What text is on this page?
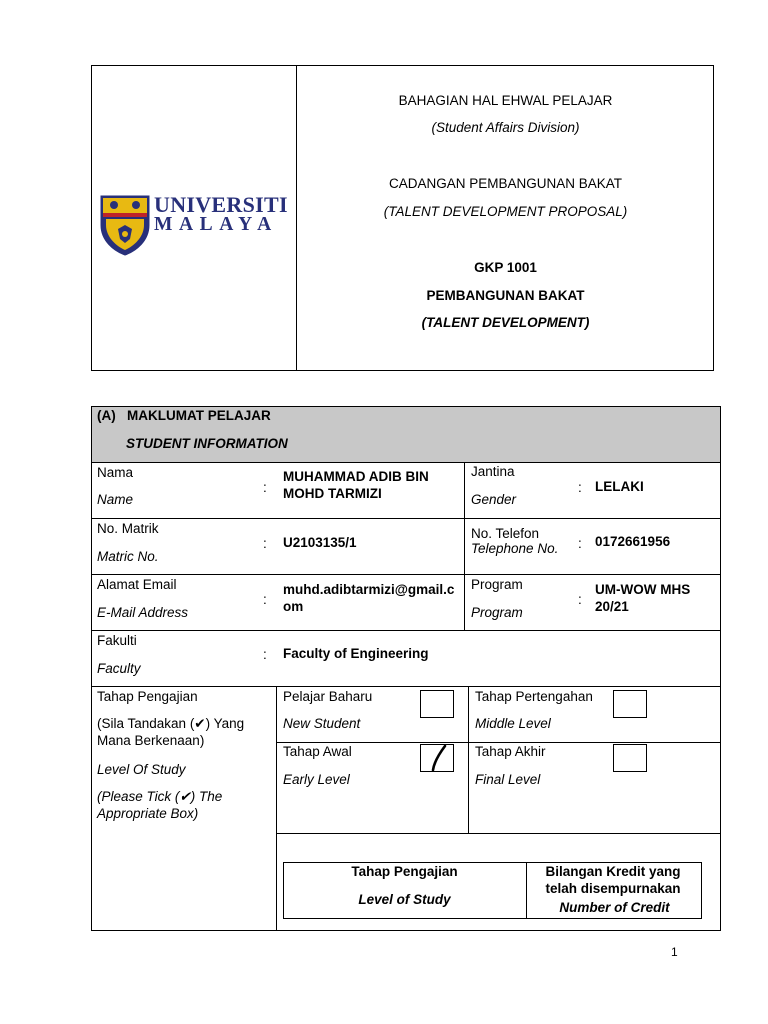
UNIVERSITI
MALAYA
BAHAGIAN HAL EHWAL PELAJAR
(Student Affairs Division)
CADANGAN PEMBANGUNAN BAKAT
(TALENT DEVELOPMENT PROPOSAL)
GKP 1001
PEMBANGUNAN BAKAT
(TALENT DEVELOPMENT)
(A)   MAKLUMAT PELAJAR
STUDENT INFORMATION
Nama
Name
:
MUHAMMAD ADIB BIN MOHD TARMIZI
Jantina
Gender
: LELAKI
No. Matrik
Matric No.
: U2103135/1
No. Telefon
Telephone No. : 0172661956
Alamat Email
E-Mail Address
:
muhd.adibtarmizi@gmail.com
Program
Program
:
UM-WOW MHS 20/21
Fakulti
Faculty
: Faculty of Engineering
Tahap Pengajian
(Sila Tandakan (✔) Yang Mana Berkenaan)
Level Of Study
(Please Tick (✔) The Appropriate Box)
Pelajar Baharu
New Student
Tahap Pertengahan
Middle Level
Tahap Awal
Early Level
Tahap Akhir
Final Level
Tahap Pengajian
Level of Study
Bilangan Kredit yang telah disempurnakan
Number of Credit
1
